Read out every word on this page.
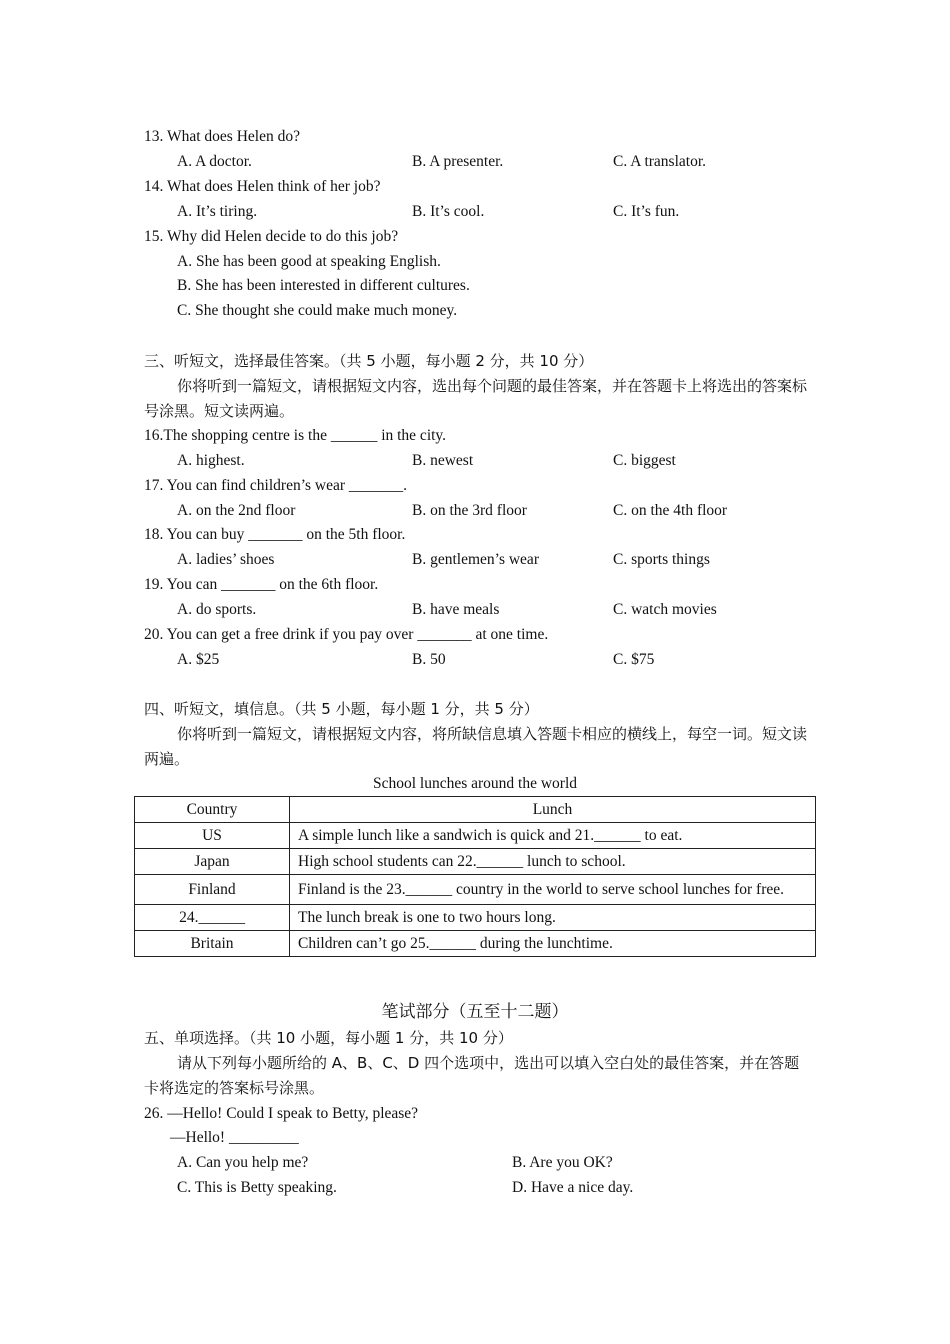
13. What does Helen do?
A. A doctor.	B. A presenter.	C. A translator.
14. What does Helen think of her job?
A. It’s tiring.	B. It’s cool.	C. It’s fun.
15. Why did Helen decide to do this job?
A. She has been good at speaking English.
B. She has been interested in different cultures.
C. She thought she could make much money.
三、听短文，选择最佳答案。（共 5 小题，每小题 2 分，共 10 分）
你将听到一篇短文，请根据短文内容，选出每个问题的最佳答案，并在答题卡上将选出的答案标号涂黑。短文读两遍。
16.The shopping centre is the ______ in the city.
A. highest.	B. newest	C. biggest
17. You can find children’s wear _______.
A. on the 2nd floor	B. on the 3rd floor	C. on the 4th floor
18. You can buy _______ on the 5th floor.
A. ladies’ shoes	B. gentlemen’s wear	C. sports things
19. You can _______ on the 6th floor.
A. do sports.	B. have meals	C. watch movies
20. You can get a free drink if you pay over _______ at one time.
A. $25	B. 50	C. $75
四、听短文，填信息。（共 5 小题，每小题 1 分，共 5 分）
你将听到一篇短文，请根据短文内容，将所缺信息填入答题卡相应的横线上，每空一词。短文读两遍。
School lunches around the world
Country	Lunch
US	A simple lunch like a sandwich is quick and 21.______ to eat.
Japan	High school students can 22.______ lunch to school.
Finland	Finland is the 23.______ country in the world to serve school lunches for free.
24.______	The lunch break is one to two hours long.
Britain	Children can’t go 25.______ during the lunchtime.
笔试部分（五至十二题）
五、单项选择。（共 10 小题，每小题 1 分，共 10 分）
请从下列每小题所给的 A、B、C、D 四个选项中，选出可以填入空白处的最佳答案，并在答题卡将选定的答案标号涂黑。
26. —Hello! Could I speak to Betty, please?
—Hello! _________
A. Can you help me?	B. Are you OK?
C. This is Betty speaking.	D. Have a nice day.
